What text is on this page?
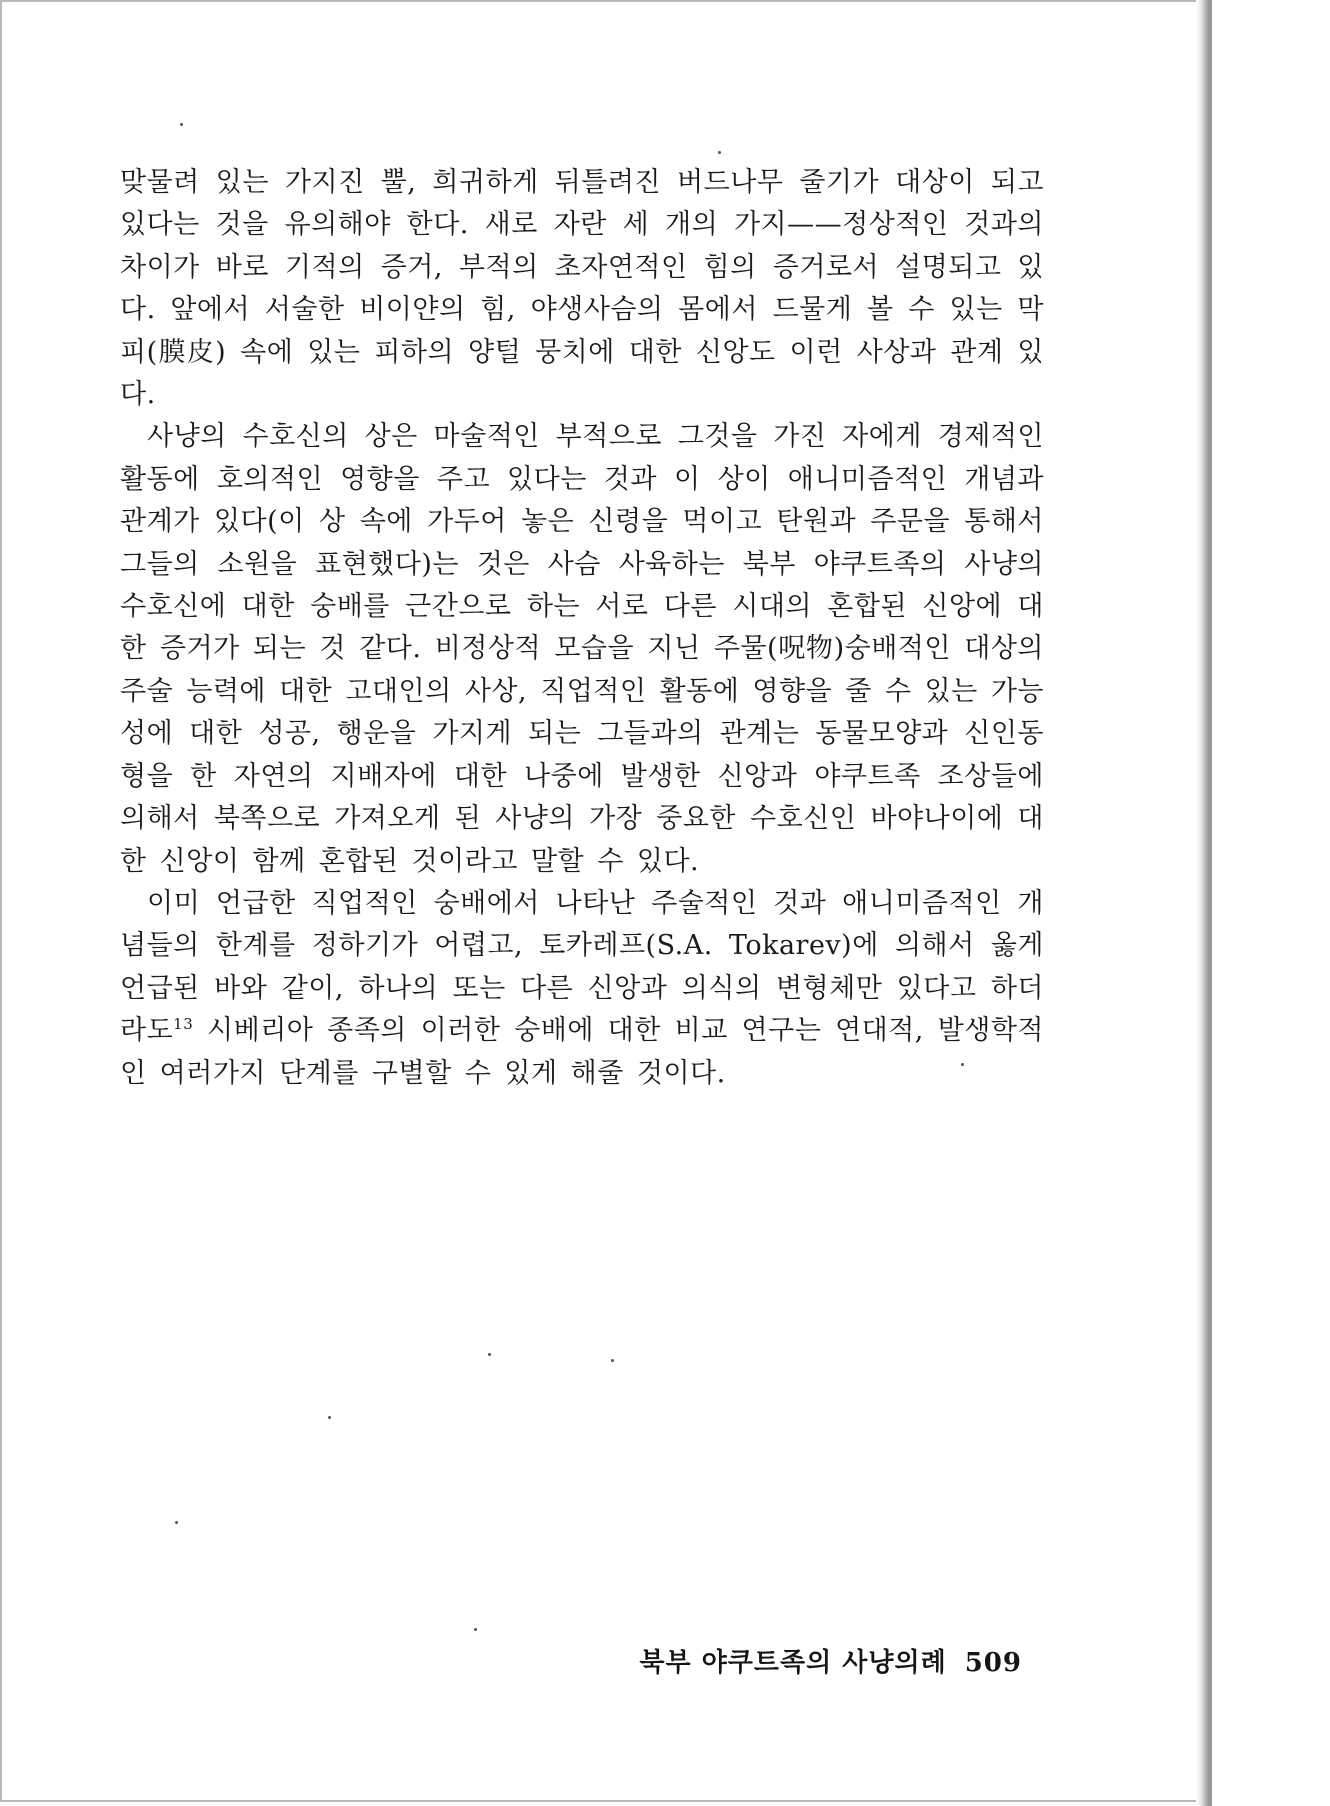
맞물려 있는 가지진 뿔, 희귀하게 뒤틀려진 버드나무 줄기가 대상이 되고 있다는 것을 유의해야 한다. 새로 자란 세 개의 가지——정상적인 것과의 차이가 바로 기적의 증거, 부적의 초자연적인 힘의 증거로서 설명되고 있다. 앞에서 서술한 비이얀의 힘, 야생사슴의 몸에서 드물게 볼 수 있는 막피(膜皮) 속에 있는 피하의 양털 뭉치에 대한 신앙도 이런 사상과 관계 있다.

사냥의 수호신의 상은 마술적인 부적으로 그것을 가진 자에게 경제적인 활동에 호의적인 영향을 주고 있다는 것과 이 상이 애니미즘적인 개념과 관계가 있다(이 상 속에 가두어 놓은 신령을 먹이고 탄원과 주문을 통해서 그들의 소원을 표현했다)는 것은 사슴 사육하는 북부 야쿠트족의 사냥의 수호신에 대한 숭배를 근간으로 하는 서로 다른 시대의 혼합된 신앙에 대한 증거가 되는 것 같다. 비정상적 모습을 지닌 주물(呪物)숭배적인 대상의 주술 능력에 대한 고대인의 사상, 직업적인 활동에 영향을 줄 수 있는 가능성에 대한 성공, 행운을 가지게 되는 그들과의 관계는 동물모양과 신인동형을 한 자연의 지배자에 대한 나중에 발생한 신앙과 야쿠트족 조상들에 의해서 북쪽으로 가져오게 된 사냥의 가장 중요한 수호신인 바야나이에 대한 신앙이 함께 혼합된 것이라고 말할 수 있다.

이미 언급한 직업적인 숭배에서 나타난 주술적인 것과 애니미즘적인 개념들의 한계를 정하기가 어렵고, 토카레프(S.A. Tokarev)에 의해서 옳게 언급된 바와 같이, 하나의 또는 다른 신앙과 의식의 변형체만 있다고 하더라도$^{13}$ 시베리아 종족의 이러한 숭배에 대한 비교 연구는 연대적, 발생학적인 여러가지 단계를 구별할 수 있게 해줄 것이다.

북부 야쿠트족의 사냥의례 509
